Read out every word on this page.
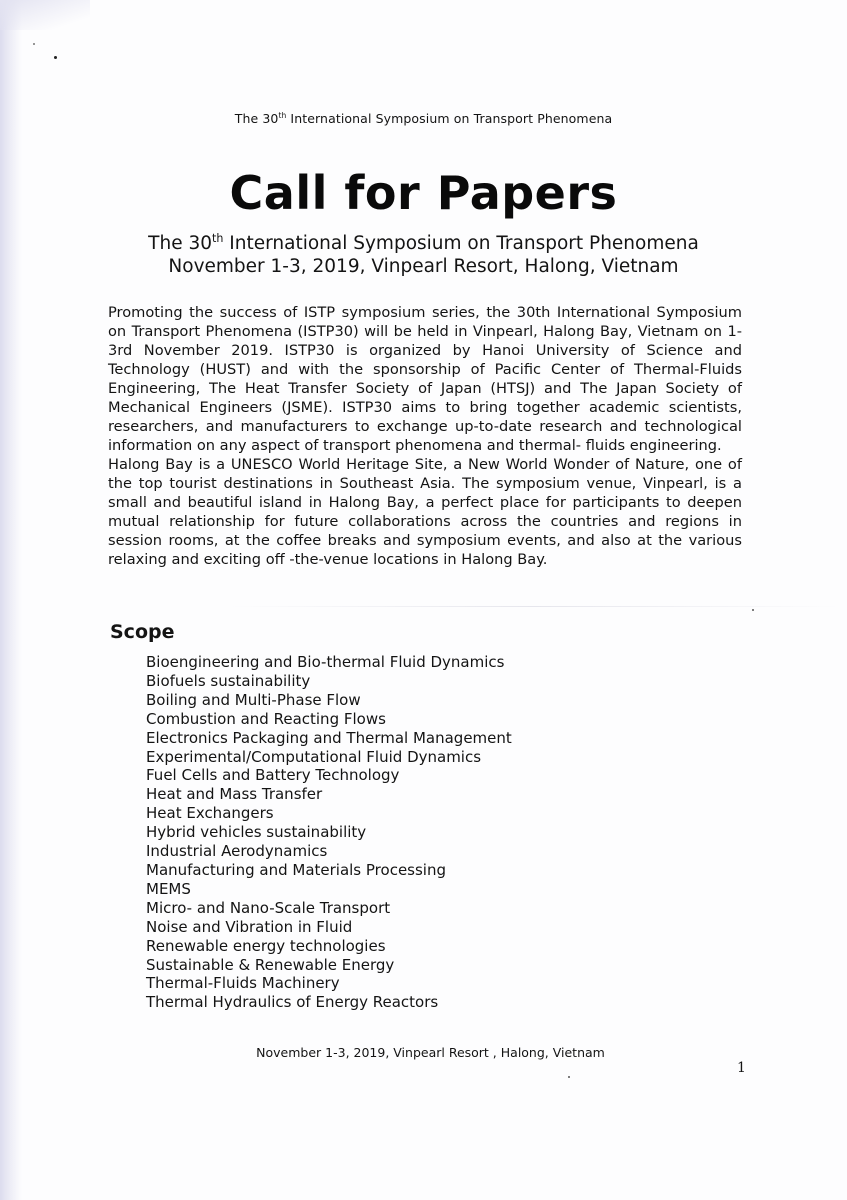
The 30th International Symposium on Transport Phenomena
Call for Papers
The 30th International Symposium on Transport Phenomena
November 1-3, 2019, Vinpearl Resort, Halong, Vietnam

Promoting the success of ISTP symposium series, the 30th International Symposium on Transport Phenomena (ISTP30) will be held in Vinpearl, Halong Bay, Vietnam on 1-3rd November 2019. ISTP30 is organized by Hanoi University of Science and Technology (HUST) and with the sponsorship of Pacific Center of Thermal-Fluids Engineering, The Heat Transfer Society of Japan (HTSJ) and The Japan Society of Mechanical Engineers (JSME). ISTP30 aims to bring together academic scientists, researchers, and manufacturers to exchange up-to-date research and technological information on any aspect of transport phenomena and thermal- fluids engineering.

Halong Bay is a UNESCO World Heritage Site, a New World Wonder of Nature, one of the top tourist destinations in Southeast Asia. The symposium venue, Vinpearl, is a small and beautiful island in Halong Bay, a perfect place for participants to deepen mutual relationship for future collaborations across the countries and regions in session rooms, at the coffee breaks and symposium events, and also at the various relaxing and exciting off -the-venue locations in Halong Bay.

Scope
Bioengineering and Bio-thermal Fluid Dynamics
Biofuels sustainability
Boiling and Multi-Phase Flow
Combustion and Reacting Flows
Electronics Packaging and Thermal Management
Experimental/Computational Fluid Dynamics
Fuel Cells and Battery Technology
Heat and Mass Transfer
Heat Exchangers
Hybrid vehicles sustainability
Industrial Aerodynamics
Manufacturing and Materials Processing
MEMS
Micro- and Nano-Scale Transport
Noise and Vibration in Fluid
Renewable energy technologies
Sustainable & Renewable Energy
Thermal-Fluids Machinery
Thermal Hydraulics of Energy Reactors
November 1-3, 2019, Vinpearl Resort , Halong, Vietnam
1
